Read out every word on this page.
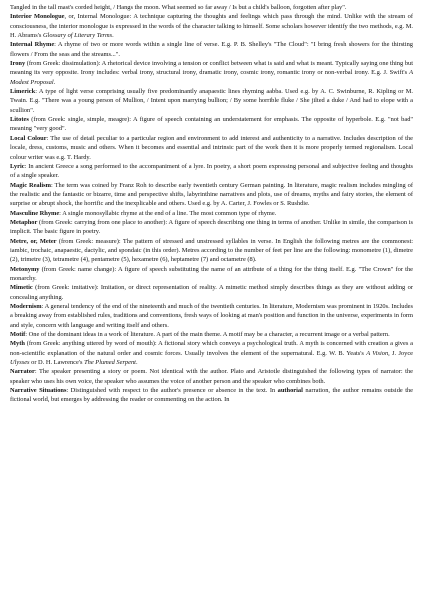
Tangled in the tall mast's corded height, / Hangs the moon. What seemed so far away / Is but a child's balloon, forgotten after play".

Interior Monologue, or, Internal Monologue: A technique capturing the thoughts and feelings which pass through the mind. Unlike with the stream of consciousness, the interior monologue is expressed in the words of the character talking to himself. Some scholars however identify the two methods, e.g. M. H. Abrams's Glossary of Literary Terms.

Internal Rhyme: A rhyme of two or more words within a single line of verse. E.g. P. B. Shelley's "The Cloud": "I bring fresh showers for the thirsting flowers / From the seas and the streams...".

Irony (from Greek: dissimulation): A rhetorical device involving a tension or conflict between what is said and what is meant. Typically saying one thing but meaning its very opposite. Irony includes: verbal irony, structural irony, dramatic irony, cosmic irony, romantic irony or non-verbal irony. E.g. J. Swift's A Modest Proposal.

Limerick: A type of light verse comprising usually five predominantly anapaestic lines rhyming aabba. Used e.g. by A. C. Swinburne, R. Kipling or M. Twain. E.g. "There was a young person of Mullion, / Intent upon marrying bullion; / By some horrible fluke / She jilted a duke / And had to elope with a scullion".

Litotes (from Greek: single, simple, meagre): A figure of speech containing an understatement for emphasis. The opposite of hyperbole. E.g. "not bad" meaning "very good".

Local Colour: The use of detail peculiar to a particular region and environment to add interest and authenticity to a narrative. Includes description of the locale, dress, customs, music and others. When it becomes and essential and intrinsic part of the work then it is more properly termed regionalism. Local colour writer was e.g. T. Hardy.

Lyric: In ancient Greece a song performed to the accompaniment of a lyre. In poetry, a short poem expressing personal and subjective feeling and thoughts of a single speaker.

Magic Realism: The term was coined by Franz Roh to describe early twentieth century German painting. In literature, magic realism includes mingling of the realistic and the fantastic or bizarre, time and perspective shifts, labyrinthine narratives and plots, use of dreams, myths and fairy stories, the element of surprise or abrupt shock, the horrific and the inexplicable and others. Used e.g. by A. Carter, J. Fowles or S. Rushdie.

Masculine Rhyme: A single monosyllabic rhyme at the end of a line. The most common type of rhyme.

Metaphor (from Greek: carrying from one place to another): A figure of speech describing one thing in terms of another. Unlike in simile, the comparison is implicit. The basic figure in poetry.

Metre, or, Meter (from Greek: measure): The pattern of stressed and unstressed syllables in verse. In English the following metres are the commonest: iambic, trochaic, anapaestic, dactylic, and spondaic (in this order). Metres according to the number of feet per line are the following: monometre (1), dimetre (2), trimetre (3), tetrametre (4), pentametre (5), hexametre (6), heptametre (7) and octametre (8).

Metonymy (from Greek: name change): A figure of speech substituting the name of an attribute of a thing for the thing itself. E.g. "The Crown" for the monarchy.

Mimetic (from Greek: imitative): Imitation, or direct representation of reality. A mimetic method simply describes things as they are without adding or concealing anything.

Modernism: A general tendency of the end of the nineteenth and much of the twentieth centuries. In literature, Modernism was prominent in 1920s. Includes a breaking away from established rules, traditions and conventions, fresh ways of looking at man's position and function in the universe, experiments in form and style, concern with language and writing itself and others.

Motif: One of the dominant ideas in a work of literature. A part of the main theme. A motif may be a character, a recurrent image or a verbal pattern.

Myth (from Greek: anything uttered by word of mouth): A fictional story which conveys a psychological truth. A myth is concerned with creation a gives a non-scientific explanation of the natural order and cosmic forces. Usually involves the element of the supernatural. E.g. W. B. Yeats's A Vision, J. Joyce Ulysses or D. H. Lawrence's The Plumed Serpent.

Narrator: The speaker presenting a story or poem. Not identical with the author. Plato and Aristotle distinguished the following types of narrator: the speaker who uses his own voice, the speaker who assumes the voice of another person and the speaker who combines both.

Narrative Situations: Distinguished with respect to the author's presence or absence in the text. In authorial narration, the author remains outside the fictional world, but emerges by addressing the reader or commenting on the action. In
